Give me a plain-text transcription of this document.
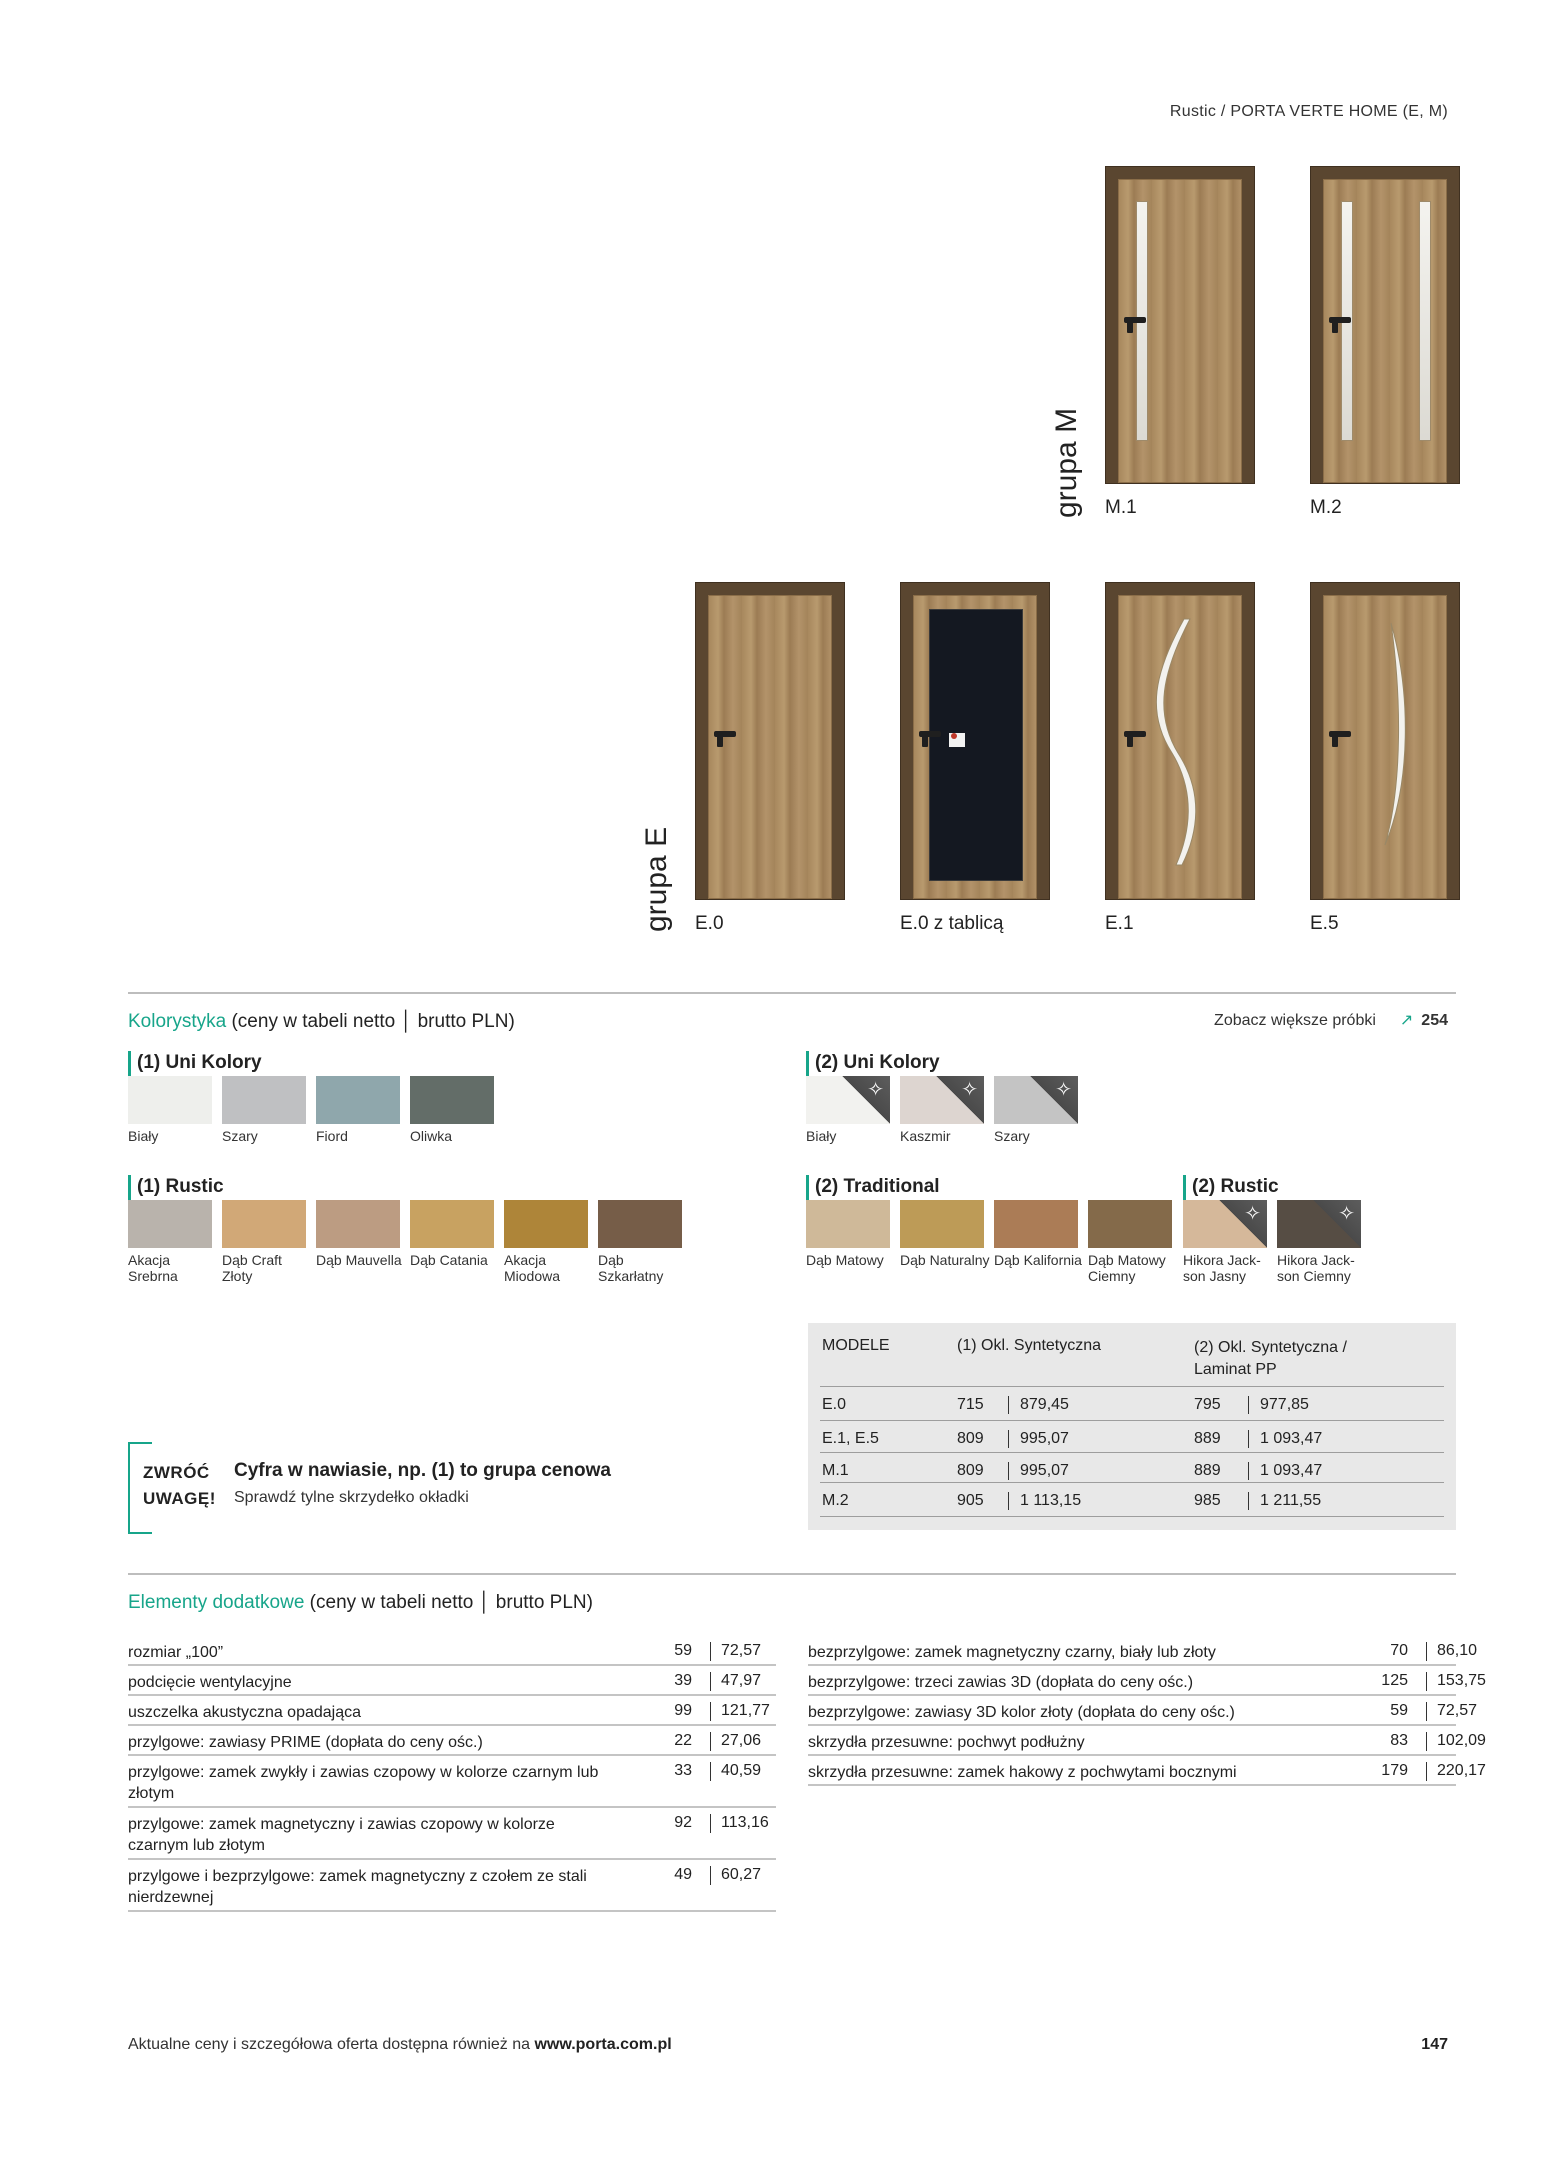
Rustic / PORTA VERTE HOME (E, M)
grupa M M.1	M.2
grupa E E.0	E.0 z tablicą	E.1	E.5
Kolorystyka (ceny w tabeli netto │ brutto PLN)	Zobacz większe próbki ↗ 254
(1) Uni Kolory	(2) Uni Kolory
(1) Rustic	(2) Traditional	(2) Rustic
ZWRÓĆ UWAGĘ!
Cyfra w nawiasie, np. (1) to grupa cenowa
Sprawdź tylne skrzydełko okładki
MODELE	(1) Okl. Syntetyczna	(2) Okl. Syntetyczna / Laminat PP
E.0	715 879,45	795 977,85
E.1, E.5	809 995,07	889 1 093,47
M.1	809 995,07	889 1 093,47
M.2	905 1 113,15	985 1 211,55
Elementy dodatkowe (ceny w tabeli netto │ brutto PLN)
Aktualne ceny i szczegółowa oferta dostępna również na www.porta.com.pl	147
Biały	Szary	Fiord	Oliwka
✧
Biały
✧
Kaszmir
✧
Szary
Akacja Srebrna
Dąb Craft Złoty
Dąb Mauvella Dąb Catania	Akacja Miodowa
Dąb Szkarłatny
Dąb Matowy	Dąb Naturalny Dąb Kalifornia Dąb Matowy Ciemny
✧
Hikora Jack-son Jasny
✧
Hikora Jack-son Ciemny
rozmiar „100”	59 72,57
podcięcie wentylacyjne	39 47,97
uszczelka akustyczna opadająca	99 121,77
przylgowe: zawiasy PRIME (dopłata do ceny ośc.)	22 27,06
przylgowe: zamek zwykły i zawias czopowy w kolorze czarnym lub złotym
33 40,59
przylgowe: zamek magnetyczny i zawias czopowy w kolorze czarnym lub złotym
92 113,16
przylgowe i bezprzylgowe: zamek magnetyczny z czołem ze stali nierdzewnej
49 60,27
bezprzylgowe: zamek magnetyczny czarny, biały lub złoty	70 86,10
bezprzylgowe: trzeci zawias 3D (dopłata do ceny ośc.)	125 153,75
bezprzylgowe: zawiasy 3D kolor złoty (dopłata do ceny ośc.)	59 72,57
skrzydła przesuwne: pochwyt podłużny	83 102,09
skrzydła przesuwne: zamek hakowy z pochwytami bocznymi	179 220,17
